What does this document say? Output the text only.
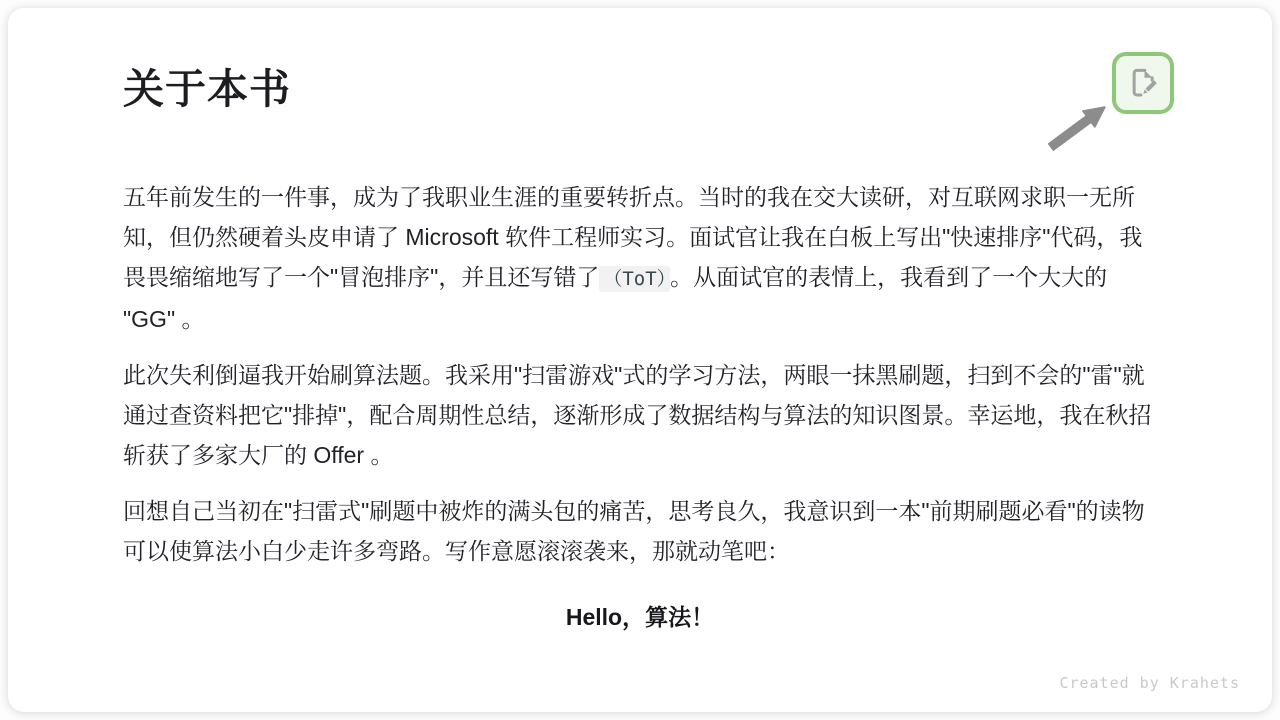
关于本书

五年前发生的一件事，成为了我职业生涯的重要转折点。当时的我在交大读研，对互联网求职一无所知，但仍然硬着头皮申请了 Microsoft 软件工程师实习。面试官让我在白板上写出"快速排序"代码，我畏畏缩缩地写了一个"冒泡排序"，并且还写错了 （ToT） 。从面试官的表情上，我看到了一个大大的 "GG" 。

此次失利倒逼我开始刷算法题。我采用"扫雷游戏"式的学习方法，两眼一抹黑刷题，扫到不会的"雷"就通过查资料把它"排掉"，配合周期性总结，逐渐形成了数据结构与算法的知识图景。幸运地，我在秋招斩获了多家大厂的 Offer 。

回想自己当初在"扫雷式"刷题中被炸的满头包的痛苦，思考良久，我意识到一本"前期刷题必看"的读物可以使算法小白少走许多弯路。写作意愿滚滚袭来，那就动笔吧：

Hello，算法！

Created by Krahets
